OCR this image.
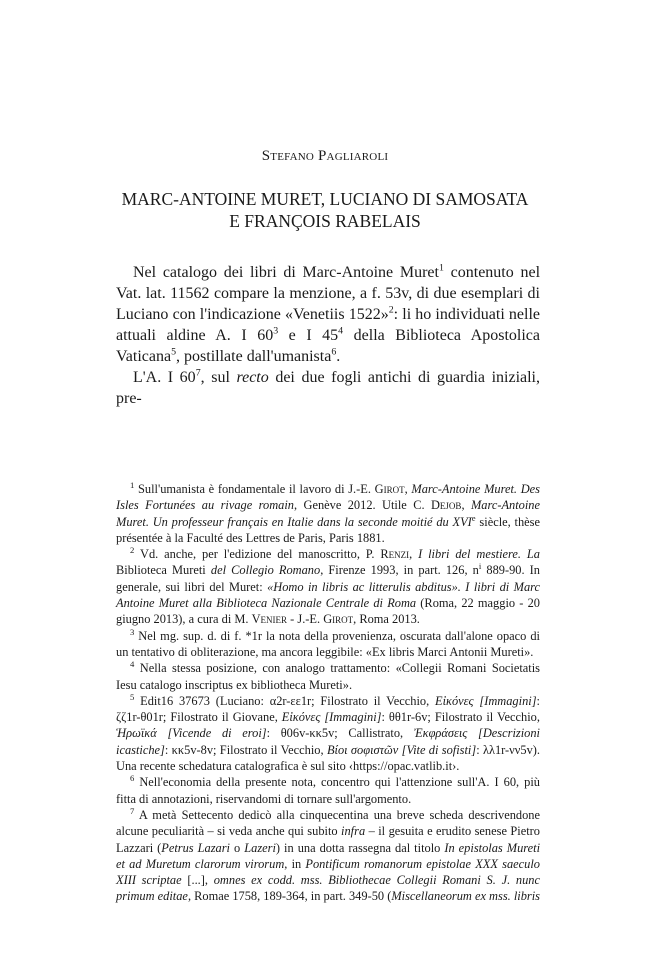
Stefano Pagliaroli
MARC-ANTOINE MURET, LUCIANO DI SAMOSATA
E FRANÇOIS RABELAIS

Nel catalogo dei libri di Marc-Antoine Muret$^1$ contenuto nel Vat. lat. 11562 compare la menzione, a f. 53v, di due esemplari di Luciano con l'indicazione «Venetiis 1522»$^2$: li ho individuati nelle attuali aldine A. I $60^3$ e I $45^4$ della Biblioteca Apostolica Vaticana$^5$, postillate dall'umanista$^6$.

L'A. I $60^7$, sul recto dei due fogli antichi di guardia iniziali, pre-

$^1$ Sull'umanista è fondamentale il lavoro di J.-E. Girot, Marc-Antoine Muret. Des Isles Fortunées au rivage romain, Genève 2012. Utile C. Dejob, Marc-Antoine Muret. Un professeur français en Italie dans la seconde moitié du XVIe siècle, thèse présentée à la Faculté des Lettres de Paris, Paris 1881.

$^2$ Vd. anche, per l'edizione del manoscritto, P. Renzi, I libri del mestiere. La Biblioteca Mureti del Collegio Romano, Firenze 1993, in part. 126, $n^i$ 889-90. In generale, sui libri del Muret: «Homo in libris ac litterulis abditus». I libri di Marc Antoine Muret alla Biblioteca Nazionale Centrale di Roma (Roma, 22 maggio - 20 giugno 2013), a cura di M. Venier - J.-E. Girot, Roma 2013.

$^3$ Nel mg. sup. d. di f. *1r la nota della provenienza, oscurata dall'alone opaco di un tentativo di obliterazione, ma ancora leggibile: «Ex libris Marci Antonii Mureti».

$^4$ Nella stessa posizione, con analogo trattamento: «Collegii Romani Societatis Iesu catalogo inscriptus ex bibliotheca Mureti».

$^5$ Edit16 37673 (Luciano: α2r-εε1r; Filostrato il Vecchio, Εἰκόνες [Immagini]: ζζ1r-θ01r; Filostrato il Giovane, Εἰκόνες [Immagini]: θθ1r-6v; Filostrato il Vecchio, Ἡρωϊκά [Vicende di eroi]: θ06v-κκ5v; Callistrato, Ἐκφράσεις [Descrizioni icastiche]: κκ5v-8v; Filostrato il Vecchio, Βίοι σοφιστῶν [Vite di sofisti]: λλ1r-νν5v). Una recente schedatura catalografica è sul sito ‹https://opac.vatlib.it›.

$^6$ Nell'economia della presente nota, concentro qui l'attenzione sull'A. I 60, più fitta di annotazioni, riservandomi di tornare sull'argomento.

$^7$ A metà Settecento dedicò alla cinquecentina una breve scheda descrivendone alcune peculiarità – si veda anche qui subito infra – il gesuita e erudito senese Pietro Lazzari (Petrus Lazari o Lazeri) in una dotta rassegna dal titolo In epistolas Mureti et ad Muretum clarorum virorum, in Pontificum romanorum epistolae XXX saeculo XIII scriptae [...], omnes ex codd. mss. Bibliothecae Collegii Romani S. J. nunc primum editae, Romae 1758, 189-364, in part. 349-50 (Miscellaneorum ex mss. libris
